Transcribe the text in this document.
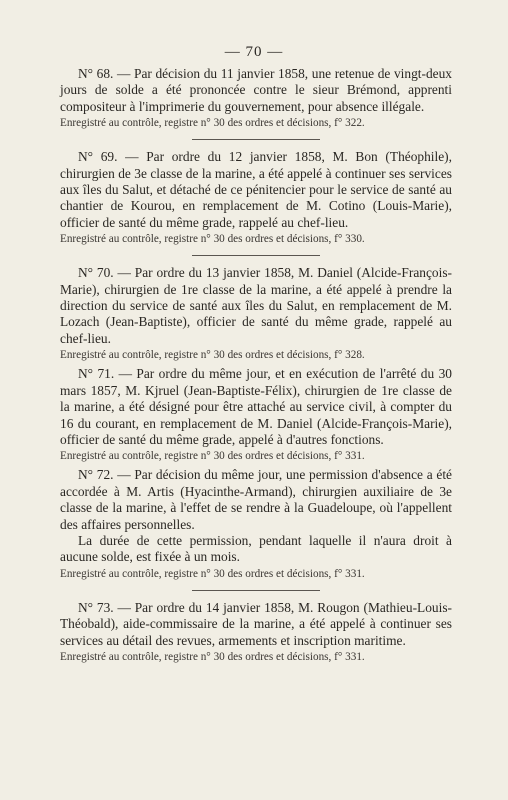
— 70 —

N° 68. — Par décision du 11 janvier 1858, une retenue de vingt-deux jours de solde a été prononcée contre le sieur Brémond, apprenti compositeur à l'imprimerie du gouvernement, pour absence illégale.

Enregistré au contrôle, registre n° 30 des ordres et décisions, f° 322.

N° 69. — Par ordre du 12 janvier 1858, M. Bon (Théophile), chirurgien de 3e classe de la marine, a été appelé à continuer ses services aux îles du Salut, et détaché de ce pénitencier pour le service de santé au chantier de Kourou, en remplacement de M. Cotino (Louis-Marie), officier de santé du même grade, rappelé au chef-lieu.

Enregistré au contrôle, registre n° 30 des ordres et décisions, f° 330.

N° 70. — Par ordre du 13 janvier 1858, M. Daniel (Alcide-François-Marie), chirurgien de 1re classe de la marine, a été appelé à prendre la direction du service de santé aux îles du Salut, en remplacement de M. Lozach (Jean-Baptiste), officier de santé du même grade, rappelé au chef-lieu.

Enregistré au contrôle, registre n° 30 des ordres et décisions, f° 328.

N° 71. — Par ordre du même jour, et en exécution de l'arrêté du 30 mars 1857, M. Kjruel (Jean-Baptiste-Félix), chirurgien de 1re classe de la marine, a été désigné pour être attaché au service civil, à compter du 16 du courant, en remplacement de M. Daniel (Alcide-François-Marie), officier de santé du même grade, appelé à d'autres fonctions.

Enregistré au contrôle, registre n° 30 des ordres et décisions, f° 331.

N° 72. — Par décision du même jour, une permission d'absence a été accordée à M. Artis (Hyacinthe-Armand), chirurgien auxiliaire de 3e classe de la marine, à l'effet de se rendre à la Guadeloupe, où l'appellent des affaires personnelles.

La durée de cette permission, pendant laquelle il n'aura droit à aucune solde, est fixée à un mois.

Enregistré au contrôle, registre n° 30 des ordres et décisions, f° 331.

N° 73. — Par ordre du 14 janvier 1858, M. Rougon (Mathieu-Louis-Théobald), aide-commissaire de la marine, a été appelé à continuer ses services au détail des revues, armements et inscription maritime.

Enregistré au contrôle, registre n° 30 des ordres et décisions, f° 331.
